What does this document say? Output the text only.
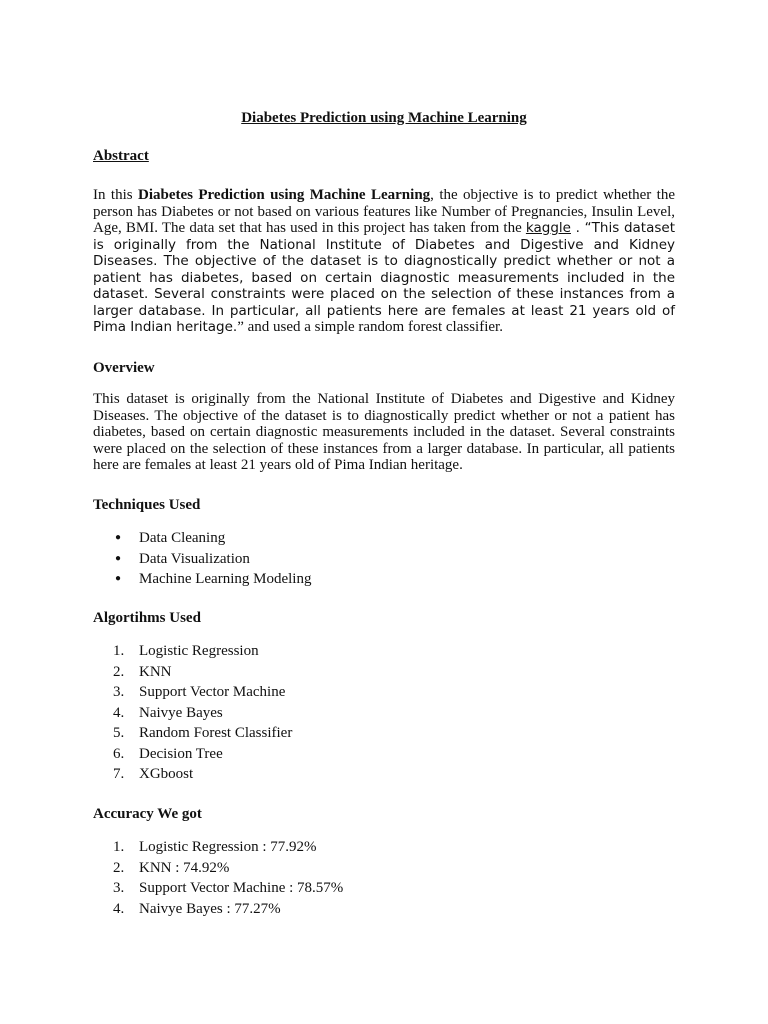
Diabetes Prediction using Machine Learning
Abstract
In this Diabetes Prediction using Machine Learning, the objective is to predict whether the person has Diabetes or not based on various features like Number of Pregnancies, Insulin Level, Age, BMI. The data set that has used in this project has taken from the kaggle . “This dataset is originally from the National Institute of Diabetes and Digestive and Kidney Diseases. The objective of the dataset is to diagnostically predict whether or not a patient has diabetes, based on certain diagnostic measurements included in the dataset. Several constraints were placed on the selection of these instances from a larger database. In particular, all patients here are females at least 21 years old of Pima Indian heritage.” and used a simple random forest classifier.
Overview
This dataset is originally from the National Institute of Diabetes and Digestive and Kidney Diseases. The objective of the dataset is to diagnostically predict whether or not a patient has diabetes, based on certain diagnostic measurements included in the dataset. Several constraints were placed on the selection of these instances from a larger database. In particular, all patients here are females at least 21 years old of Pima Indian heritage.
Techniques Used
● Data Cleaning
● Data Visualization
● Machine Learning Modeling
Algortihms Used
1. Logistic Regression
2. KNN
3. Support Vector Machine
4. Naivye Bayes
5. Random Forest Classifier
6. Decision Tree
7. XGboost
Accuracy We got
1. Logistic Regression : 77.92%
2. KNN : 74.92%
3. Support Vector Machine : 78.57%
4. Naivye Bayes : 77.27%
